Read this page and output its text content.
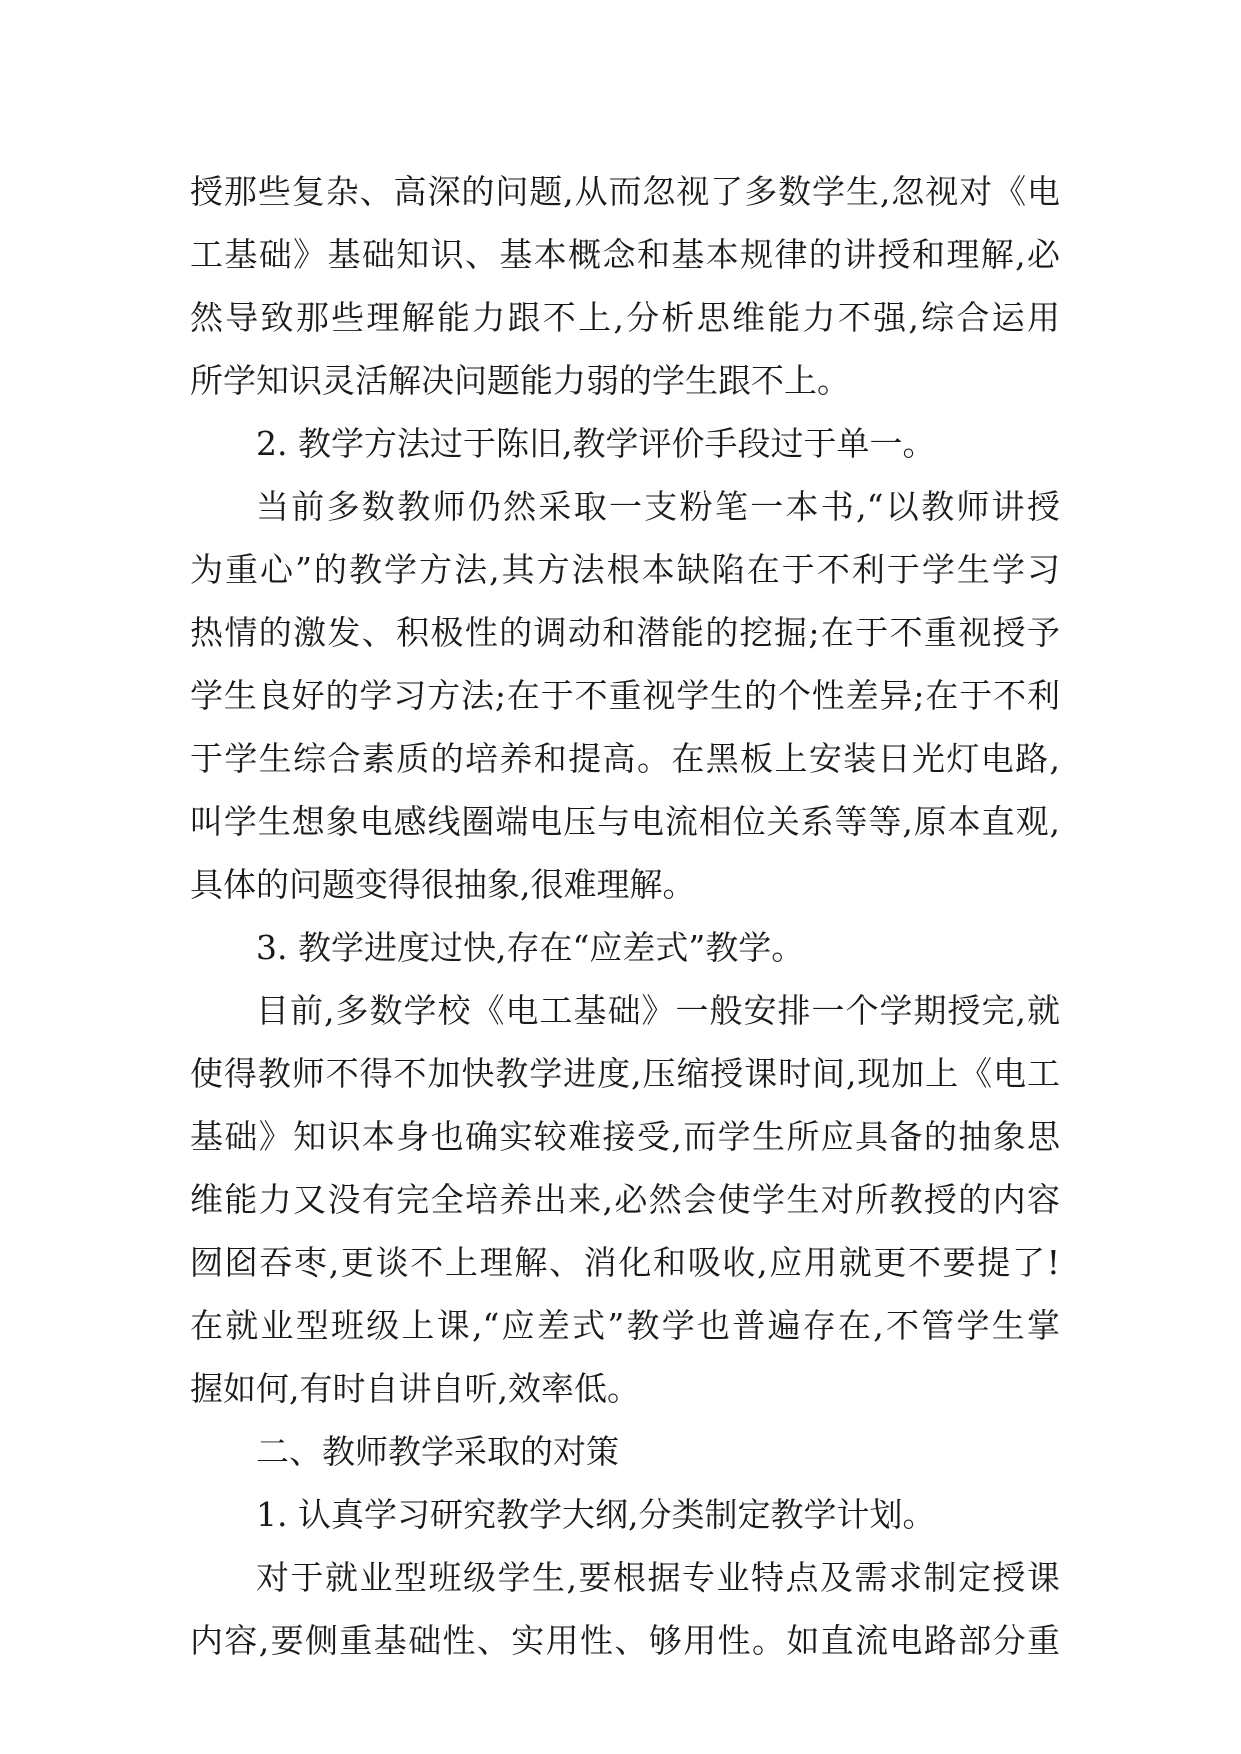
授那些复杂、高深的问题,从而忽视了多数学生,忽视对《电
工基础》基础知识、基本概念和基本规律的讲授和理解,必
然导致那些理解能力跟不上,分析思维能力不强,综合运用
所学知识灵活解决问题能力弱的学生跟不上。
2. 教学方法过于陈旧,教学评价手段过于单一。
当前多数教师仍然采取一支粉笔一本书,“以教师讲授
为重心”的教学方法,其方法根本缺陷在于不利于学生学习
热情的激发、积极性的调动和潜能的挖掘;在于不重视授予
学生良好的学习方法;在于不重视学生的个性差异;在于不利
于学生综合素质的培养和提高。在黑板上安装日光灯电路,
叫学生想象电感线圈端电压与电流相位关系等等,原本直观,
具体的问题变得很抽象,很难理解。
3. 教学进度过快,存在“应差式”教学。
目前,多数学校《电工基础》一般安排一个学期授完,就
使得教师不得不加快教学进度,压缩授课时间,现加上《电工
基础》知识本身也确实较难接受,而学生所应具备的抽象思
维能力又没有完全培养出来,必然会使学生对所教授的内容
囫囵吞枣,更谈不上理解、消化和吸收,应用就更不要提了!
在就业型班级上课,“应差式”教学也普遍存在,不管学生掌
握如何,有时自讲自听,效率低。
二、教师教学采取的对策
1. 认真学习研究教学大纲,分类制定教学计划。
对于就业型班级学生,要根据专业特点及需求制定授课
内容,要侧重基础性、实用性、够用性。如直流电路部分重
